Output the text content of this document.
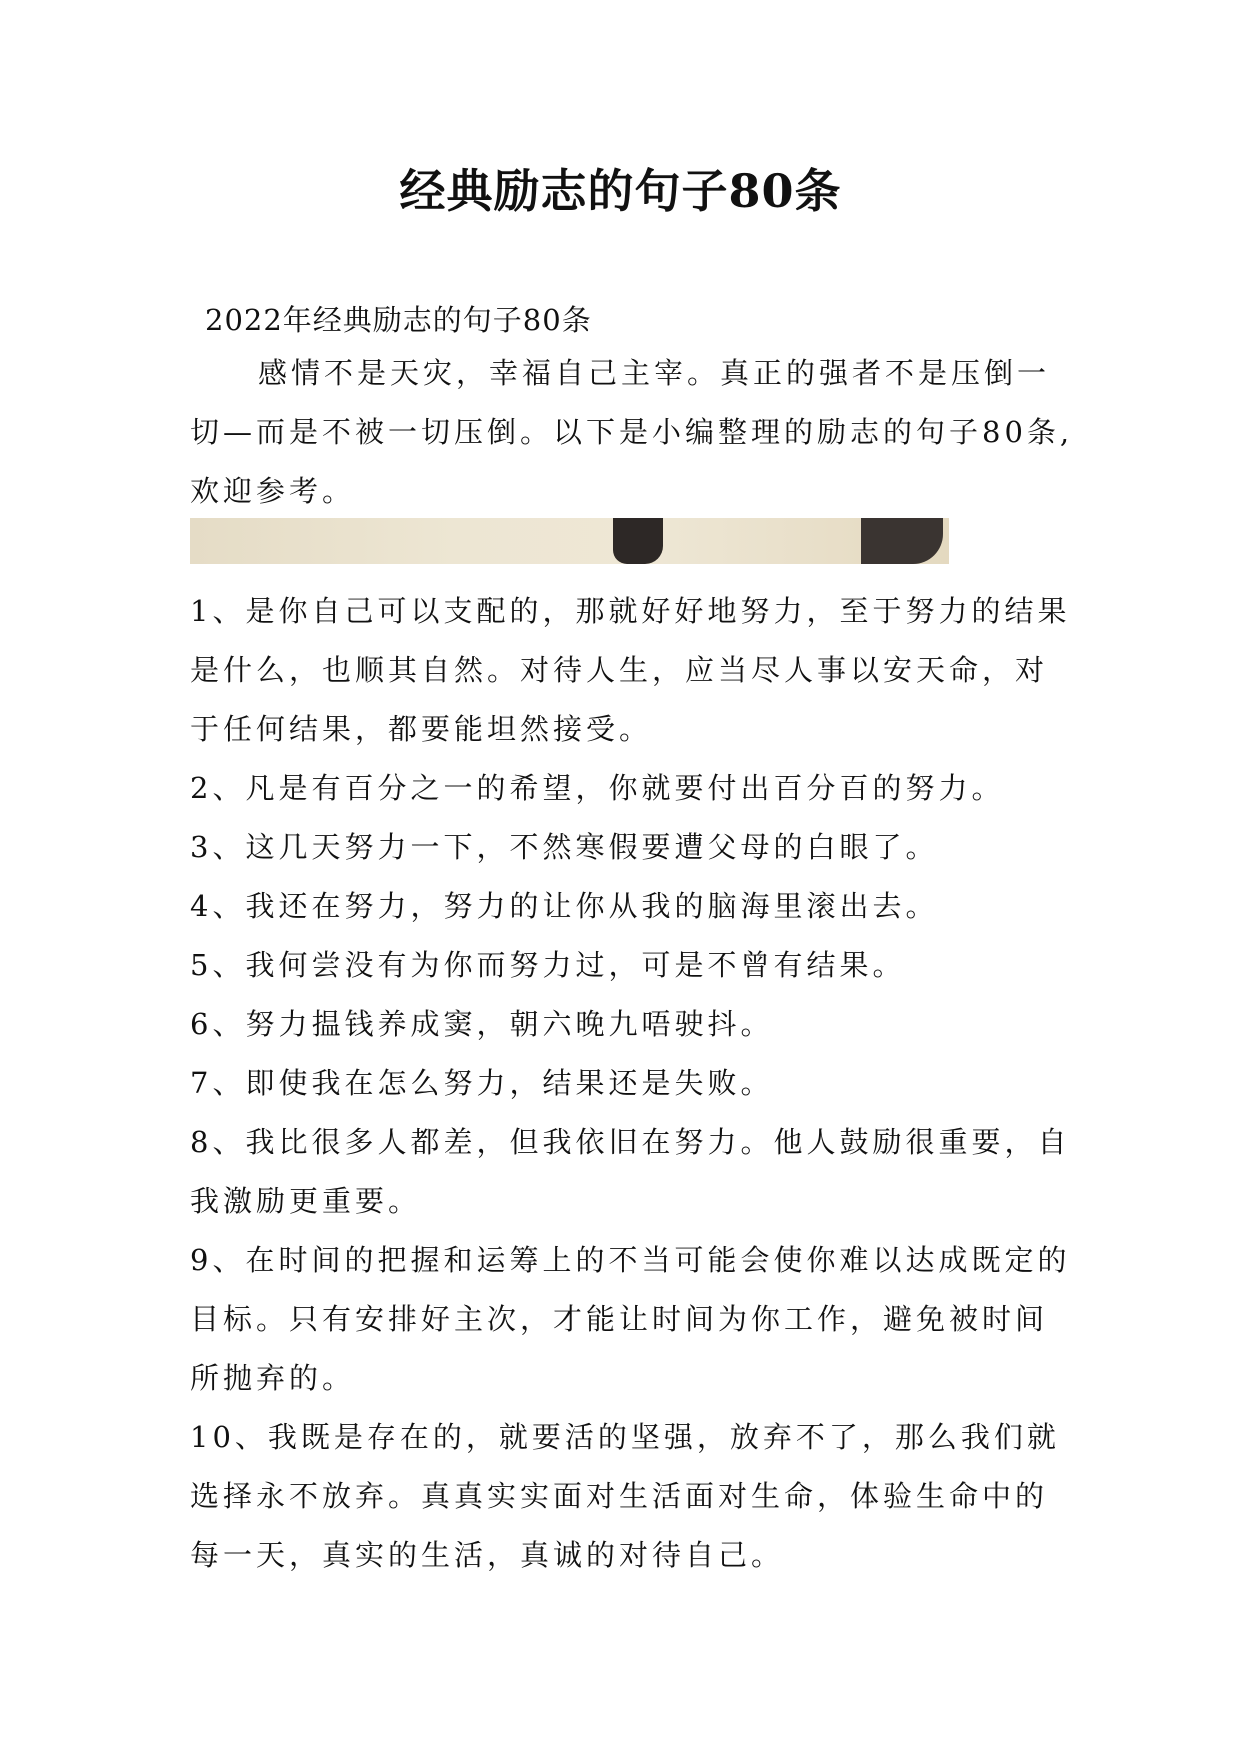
经典励志的句子80条

2022年经典励志的句子80条

感情不是天灾，幸福自己主宰。真正的强者不是压倒一切—而是不被一切压倒。以下是小编整理的励志的句子80条,欢迎参考。

1、是你自己可以支配的，那就好好地努力，至于努力的结果是什么，也顺其自然。对待人生，应当尽人事以安天命，对于任何结果，都要能坦然接受。

2、凡是有百分之一的希望，你就要付出百分百的努力。

3、这几天努力一下，不然寒假要遭父母的白眼了。

4、我还在努力，努力的让你从我的脑海里滚出去。

5、我何尝没有为你而努力过，可是不曾有结果。

6、努力揾钱养成窦，朝六晚九唔驶抖。

7、即使我在怎么努力，结果还是失败。

8、我比很多人都差，但我依旧在努力。他人鼓励很重要，自我激励更重要。

9、在时间的把握和运筹上的不当可能会使你难以达成既定的目标。只有安排好主次，才能让时间为你工作，避免被时间所抛弃的。

10、我既是存在的，就要活的坚强，放弃不了，那么我们就选择永不放弃。真真实实面对生活面对生命，体验生命中的每一天，真实的生活，真诚的对待自己。
